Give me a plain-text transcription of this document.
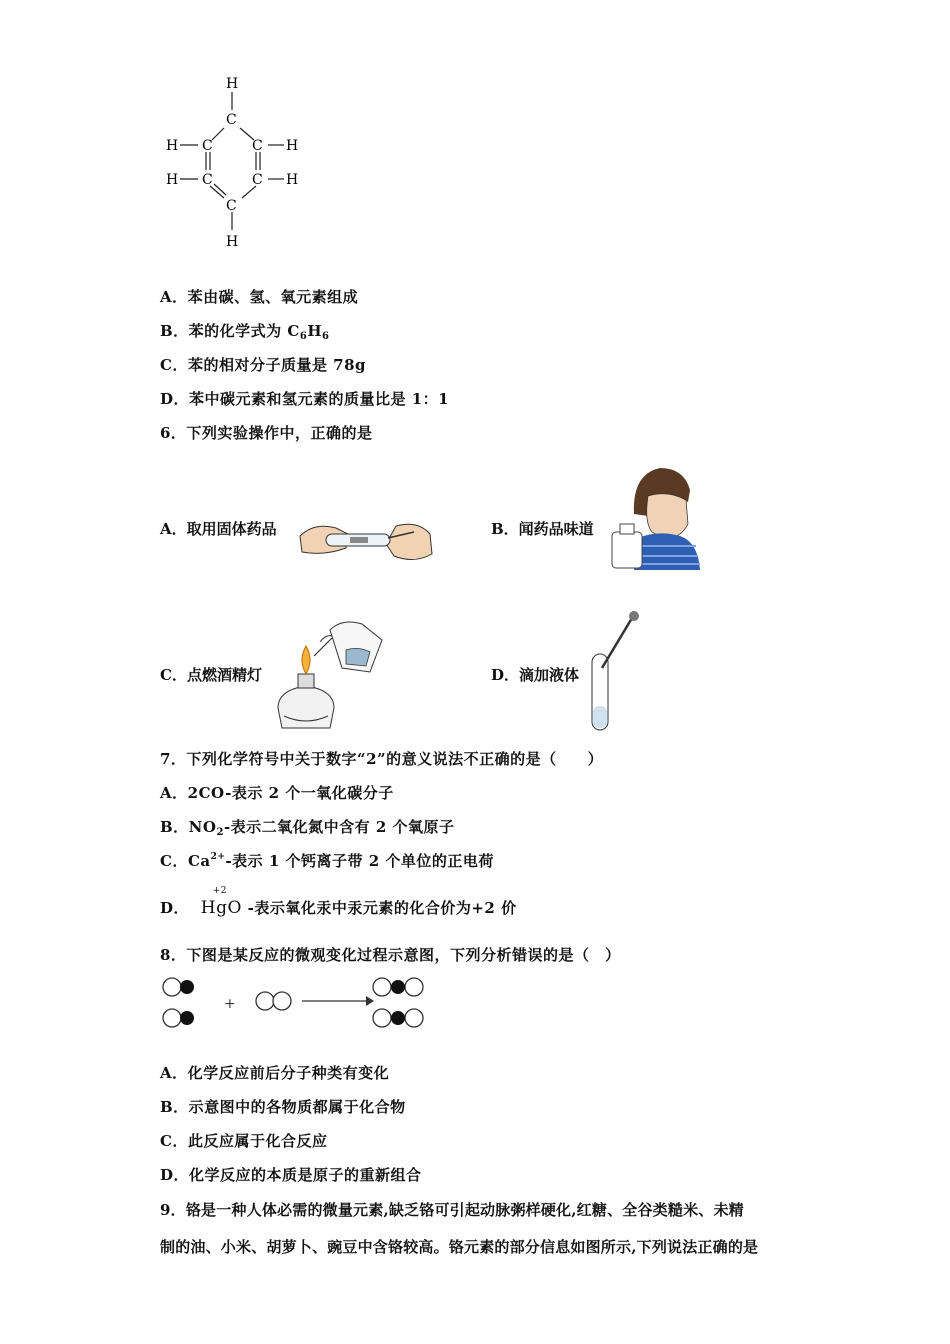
H
C
C	C
C	C
C
H
H
H
H
H
A．苯由碳、氢、氧元素组成
B．苯的化学式为 $C_6H_6$
C．苯的相对分子质量是 78g
D．苯中碳元素和氢元素的质量比是 1：1
6．下列实验操作中，正确的是
A．取用固体药品	B．闻药品味道
C．点燃酒精灯	D．滴加液体
7．下列化学符号中关于数字“2”的意义说法不正确的是（　　）
A．2CO-表示 2 个一氧化碳分子
B．$NO_2-$表示二氧化氮中含有 2 个氧原子
C．$Ca^{2+}-$表示 1 个钙离子带 2 个单位的正电荷
D．
+2
HgO -表示氧化汞中汞元素的化合价为+2 价
8．下图是某反应的微观变化过程示意图，下列分析错误的是（　）
+
A．化学反应前后分子种类有变化
B．示意图中的各物质都属于化合物
C．此反应属于化合反应
D．化学反应的本质是原子的重新组合
9．铬是一种人体必需的微量元素,缺乏铬可引起动脉粥样硬化,红糖、全谷类糙米、未精
制的油、小米、胡萝卜、豌豆中含铬较高。铬元素的部分信息如图所示,下列说法正确的是
